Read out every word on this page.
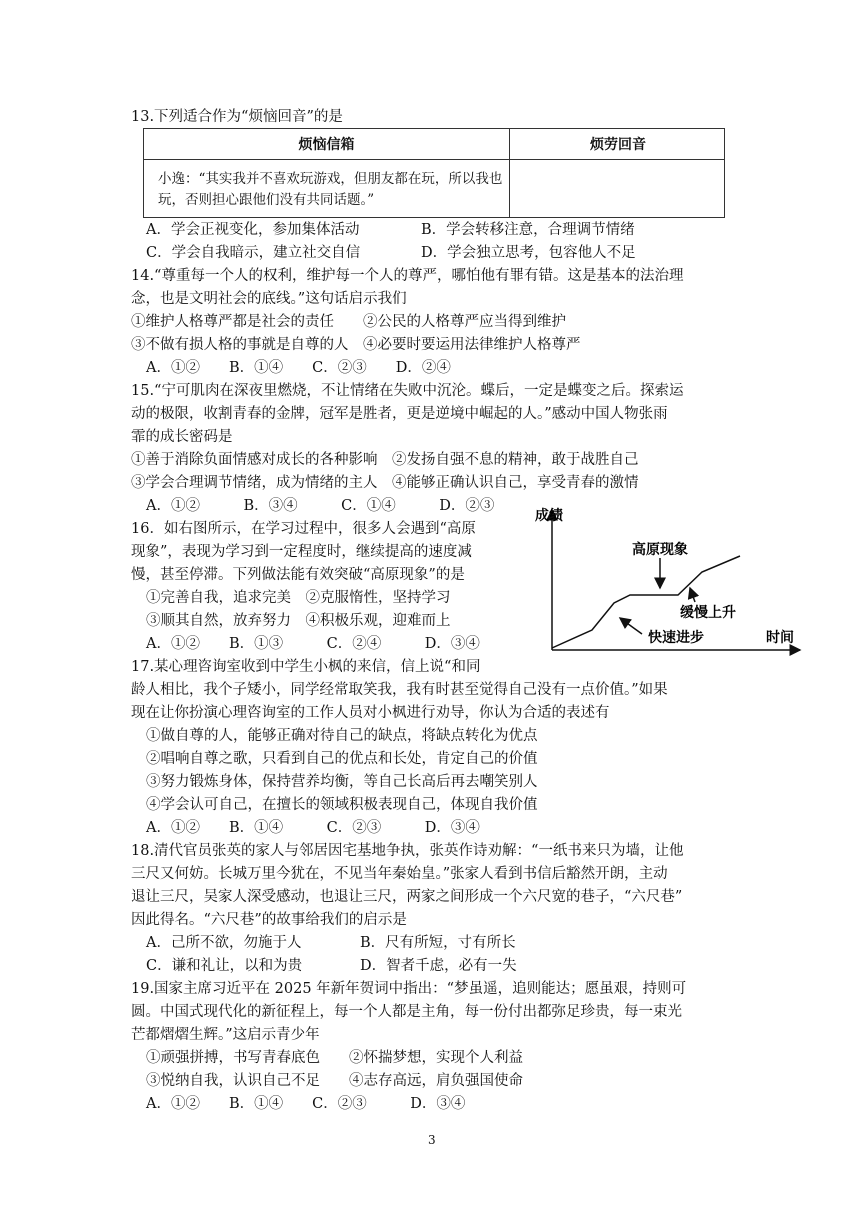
13.下列适合作为“烦恼回音”的是
烦恼信箱	烦劳回音
小逸：“其实我并不喜欢玩游戏，但朋友都在玩，所以我也玩，否则担心跟他们没有共同话题。”
A．学会正视变化，参加集体活动	B．学会转移注意，合理调节情绪
C．学会自我暗示，建立社交自信	D．学会独立思考，包容他人不足
14.“尊重每一个人的权利，维护每一个人的尊严，哪怕他有罪有错。这是基本的法治理
念，也是文明社会的底线。”这句话启示我们
①维护人格尊严都是社会的责任　　②公民的人格尊严应当得到维护
③不做有损人格的事就是自尊的人　④必要时要运用法律维护人格尊严
A．①②　　B．①④　　C．②③　　D．②④
15.“宁可肌肉在深夜里燃烧，不让情绪在失败中沉沦。蝶后，一定是蝶变之后。探索运
动的极限，收割青春的金牌，冠军是胜者，更是逆境中崛起的人。”感动中国人物张雨
霏的成长密码是
①善于消除负面情感对成长的各种影响　②发扬自强不息的精神，敢于战胜自己
③学会合理调节情绪，成为情绪的主人　④能够正确认识自己，享受青春的激情
A．①②　　　B．③④　　　C．①④　　　D．②③
16．如右图所示，在学习过程中，很多人会遇到“高原
现象”，表现为学习到一定程度时，继续提高的速度减
慢，甚至停滞。下列做法能有效突破“高原现象”的是
①完善自我，追求完美　②克服惰性，坚持学习
③顺其自然，放弃努力　④积极乐观，迎难而上
A．①②　　B．①③　　　C．②④　　　D．③④
成绩
时间
高原现象
缓慢上升
快速进步
17.某心理咨询室收到中学生小枫的来信，信上说“和同
龄人相比，我个子矮小，同学经常取笑我，我有时甚至觉得自己没有一点价值。”如果
现在让你扮演心理咨询室的工作人员对小枫进行劝导，你认为合适的表述有
①做自尊的人，能够正确对待自己的缺点，将缺点转化为优点
②唱响自尊之歌，只看到自己的优点和长处，肯定自己的价值
③努力锻炼身体，保持营养均衡，等自己长高后再去嘲笑别人
④学会认可自己，在擅长的领域积极表现自己，体现自我价值
A．①②　　B．①④　　　C．②③　　　D．③④
18.清代官员张英的家人与邻居因宅基地争执，张英作诗劝解：“一纸书来只为墙，让他
三尺又何妨。长城万里今犹在，不见当年秦始皇。”张家人看到书信后豁然开朗，主动
退让三尺，吴家人深受感动，也退让三尺，两家之间形成一个六尺宽的巷子，“六尺巷”
因此得名。“六尺巷”的故事给我们的启示是
A．己所不欲，勿施于人	B．尺有所短，寸有所长
C．谦和礼让，以和为贵	D．智者千虑，必有一失
19.国家主席习近平在 2025 年新年贺词中指出：“梦虽遥，追则能达；愿虽艰，持则可
圆。中国式现代化的新征程上，每一个人都是主角，每一份付出都弥足珍贵，每一束光
芒都熠熠生辉。”这启示青少年
①顽强拼搏，书写青春底色　　②怀揣梦想，实现个人利益
③悦纳自我，认识自己不足　　④志存高远，肩负强国使命
A．①②　　B．①④　　C．②③　　　D．③④
3
